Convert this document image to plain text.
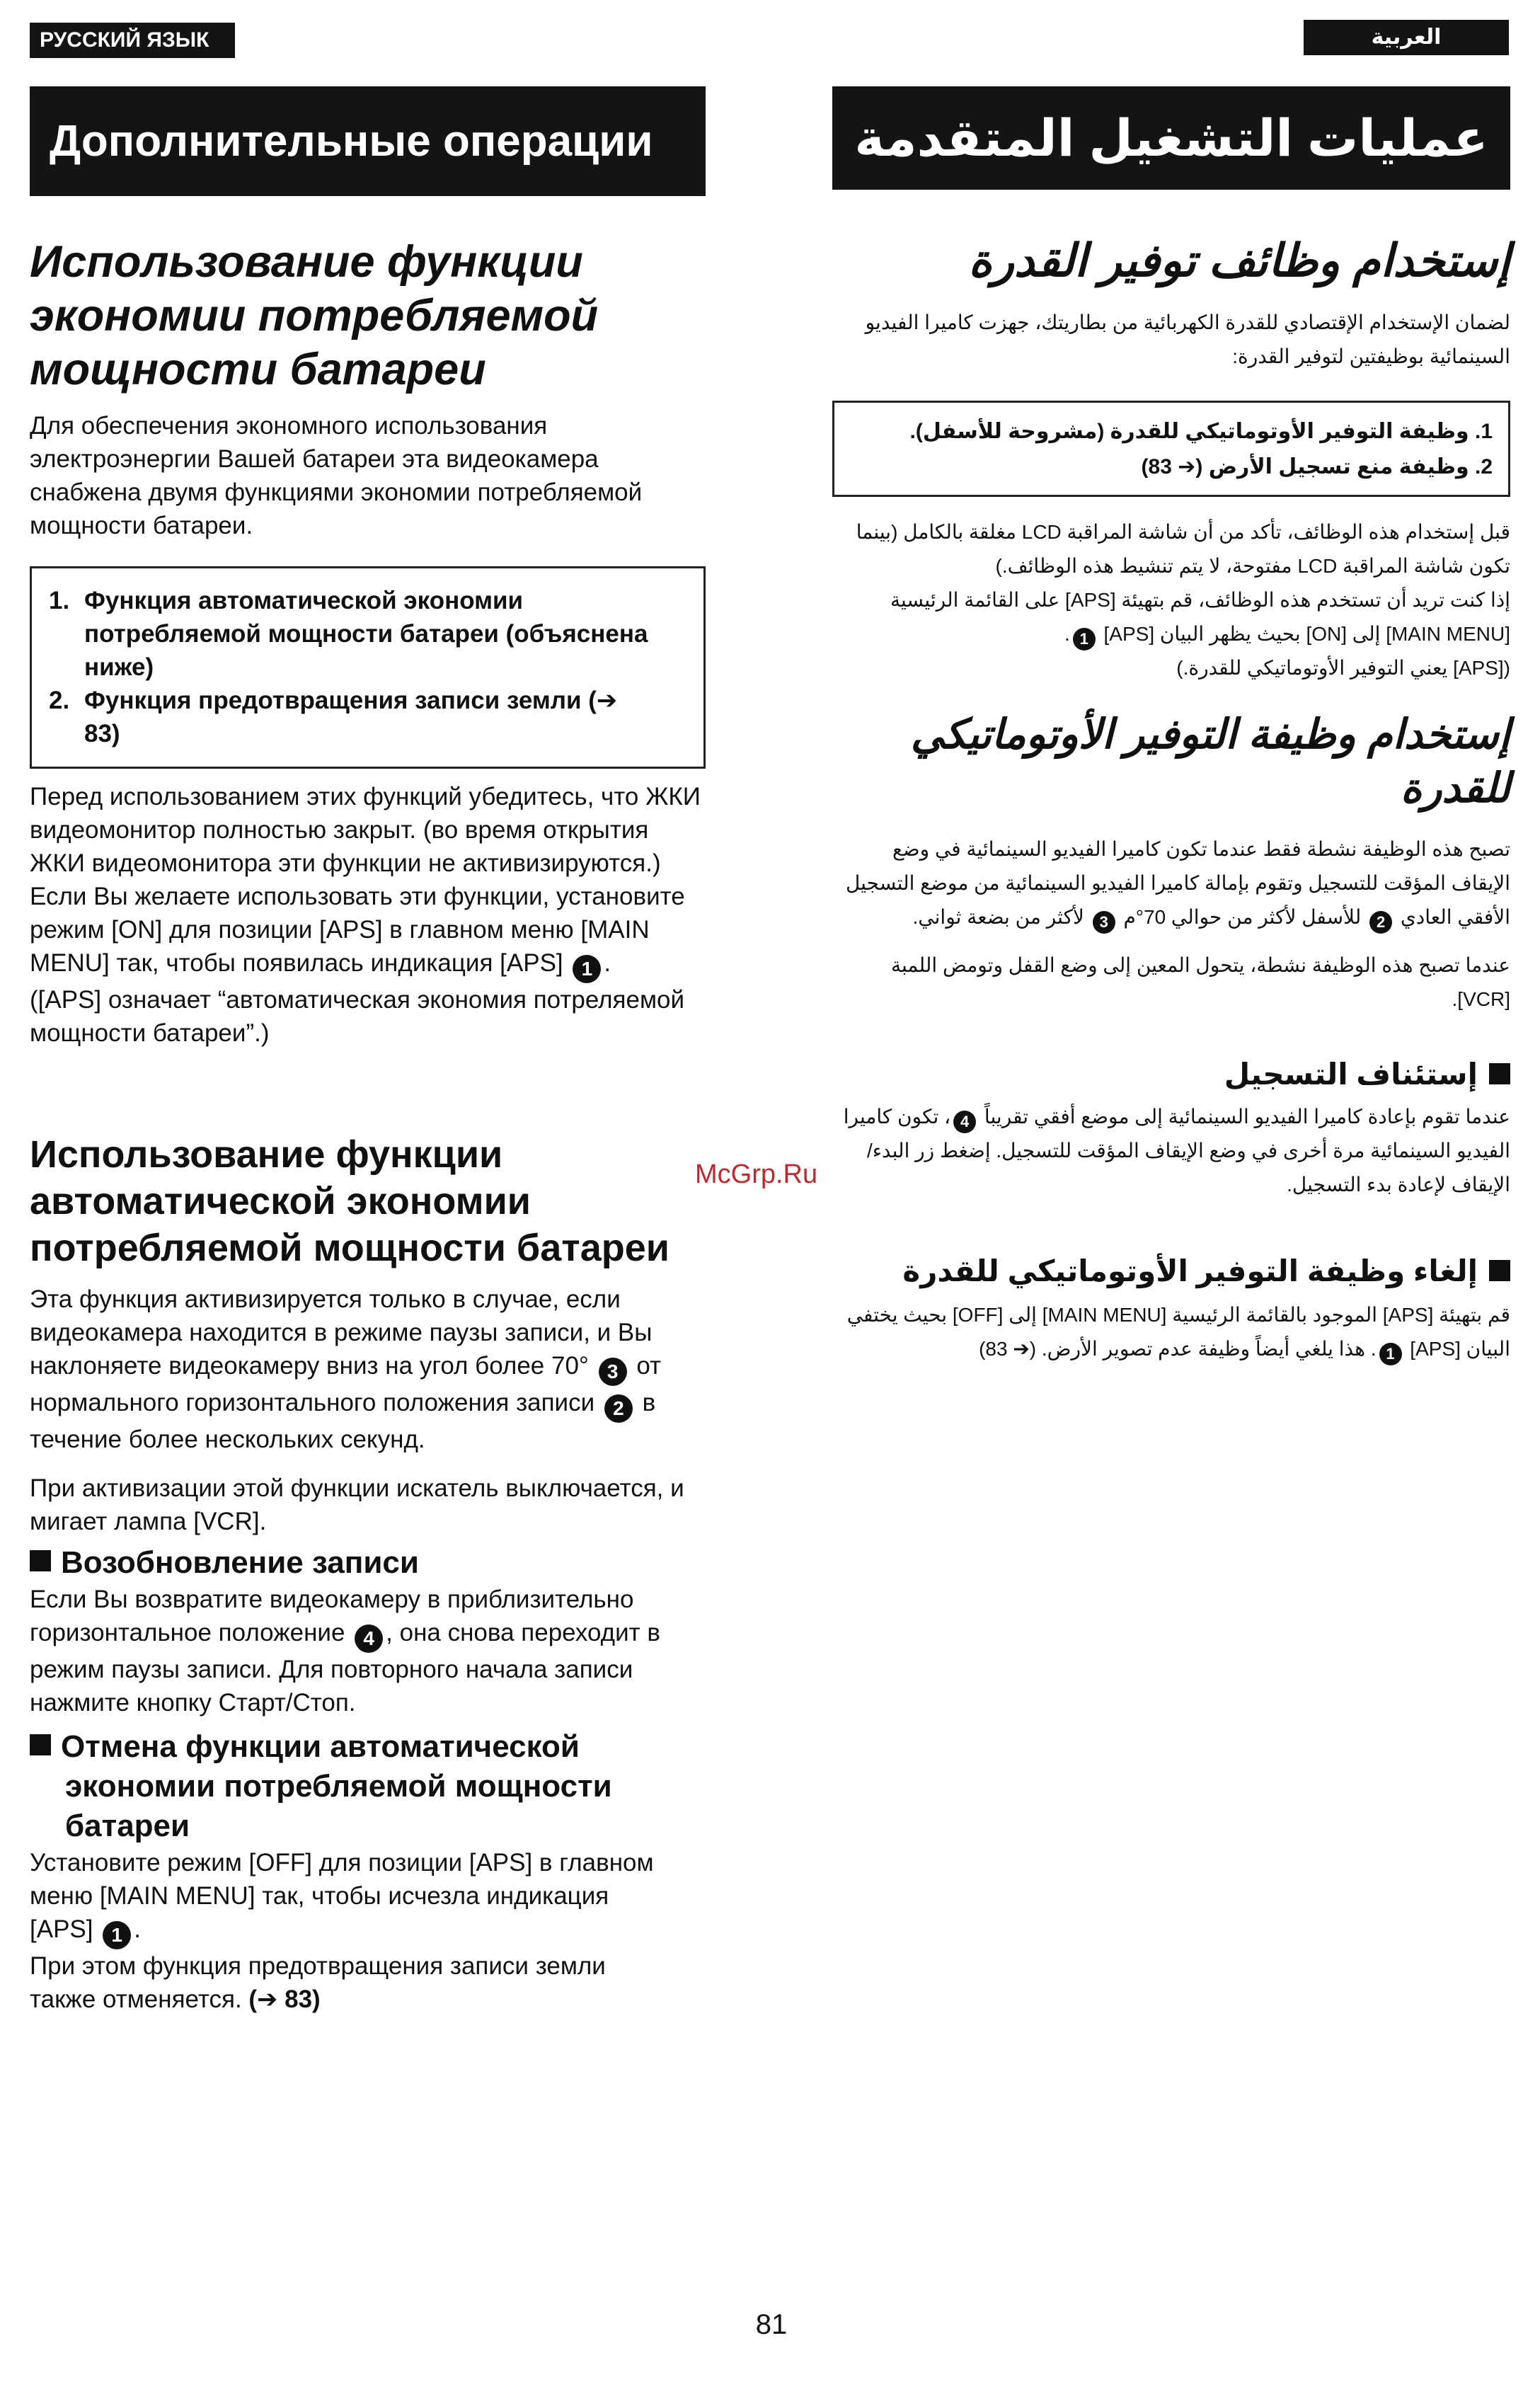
РУССКИЙ ЯЗЫК	العربية
Дополнительные операции	عمليات التشغيل المتقدمة
Использование функции экономии потребляемой мощности батареи

Для обеспечения экономного использования электроэнергии Вашей батареи эта видеокамера снабжена двумя функциями экономии потребляемой мощности батареи.

1. Функция автоматической экономии потребляемой мощности батареи (объяснена ниже)
2. Функция предотвращения записи земли (➔ 83)

Перед использованием этих функций убедитесь, что ЖКИ видеомонитор полностью закрыт. (во время открытия ЖКИ видеомонитора эти функции не активизируются.)

Если Вы желаете использовать эти функции, установите режим [ON] для позиции [APS] в главном меню [MAIN MENU] так, чтобы появилась индикация [APS] 1 .

([APS] означает “автоматическая экономия потреляемой мощности батареи”.)

Использование функции автоматической экономии потребляемой мощности батареи

Эта функция активизируется только в случае, если видеокамера находится в режиме паузы записи, и Вы наклоняете видеокамеру вниз на угол более 70° 3 от нормального горизонтального положения записи 2 в течение более нескольких секунд.

При активизации этой функции искатель выключается, и мигает лампа [VCR].

Возобновление записи

Если Вы возвратите видеокамеру в приблизительно горизонтальное положение 4 , она снова переходит в режим паузы записи. Для повторного начала записи нажмите кнопку Старт/Стоп.

Отмена функции автоматической экономии потребляемой мощности батареи

Установите режим [OFF] для позиции [APS] в главном меню [MAIN MENU] так, чтобы исчезла индикация [APS] 1 .

При этом функция предотвращения записи земли также отменяется. (➔ 83)

إستخدام وظائف توفير القدرة

لضمان الإستخدام الإقتصادي للقدرة الكهربائية من بطاريتك، جهزت كاميرا الفيديو السينمائية بوظيفتين لتوفير القدرة:

1. وظيفة التوفير الأوتوماتيكي للقدرة (مشروحة للأسفل).

2. وظيفة منع تسجيل الأرض (➔ 83)

قبل إستخدام هذه الوظائف، تأكد من أن شاشة المراقبة LCD مغلقة بالكامل (بينما تكون شاشة المراقبة LCD مفتوحة، لا يتم تنشيط هذه الوظائف.)

إذا كنت تريد أن تستخدم هذه الوظائف، قم بتهيئة [APS] على القائمة الرئيسية [MAIN MENU] إلى [ON] بحيث يظهر البيان [APS] 1.

([APS] يعني التوفير الأوتوماتيكي للقدرة.)

إستخدام وظيفة التوفير الأوتوماتيكي للقدرة

تصبح هذه الوظيفة نشطة فقط عندما تكون كاميرا الفيديو السينمائية في وضع الإيقاف المؤقت للتسجيل وتقوم بإمالة كاميرا الفيديو السينمائية من موضع التسجيل الأفقي العادي 2 للأسفل لأكثر من حوالي 70°م 3 لأكثر من بضعة ثواني.

عندما تصبح هذه الوظيفة نشطة، يتحول المعين إلى وضع القفل وتومض اللمبة [VCR].

إستئناف التسجيل

عندما تقوم بإعادة كاميرا الفيديو السينمائية إلى موضع أفقي تقريباً 4، تكون كاميرا الفيديو السينمائية مرة أخرى في وضع الإيقاف المؤقت للتسجيل. إضغط زر البدء/الإيقاف لإعادة بدء التسجيل.

إلغاء وظيفة التوفير الأوتوماتيكي للقدرة

قم بتهيئة [APS] الموجود بالقائمة الرئيسية [MAIN MENU] إلى [OFF] بحيث يختفي البيان [APS] 1. هذا يلغي أيضاً وظيفة عدم تصوير الأرض. (➔ 83)

McGrp.Ru
81
